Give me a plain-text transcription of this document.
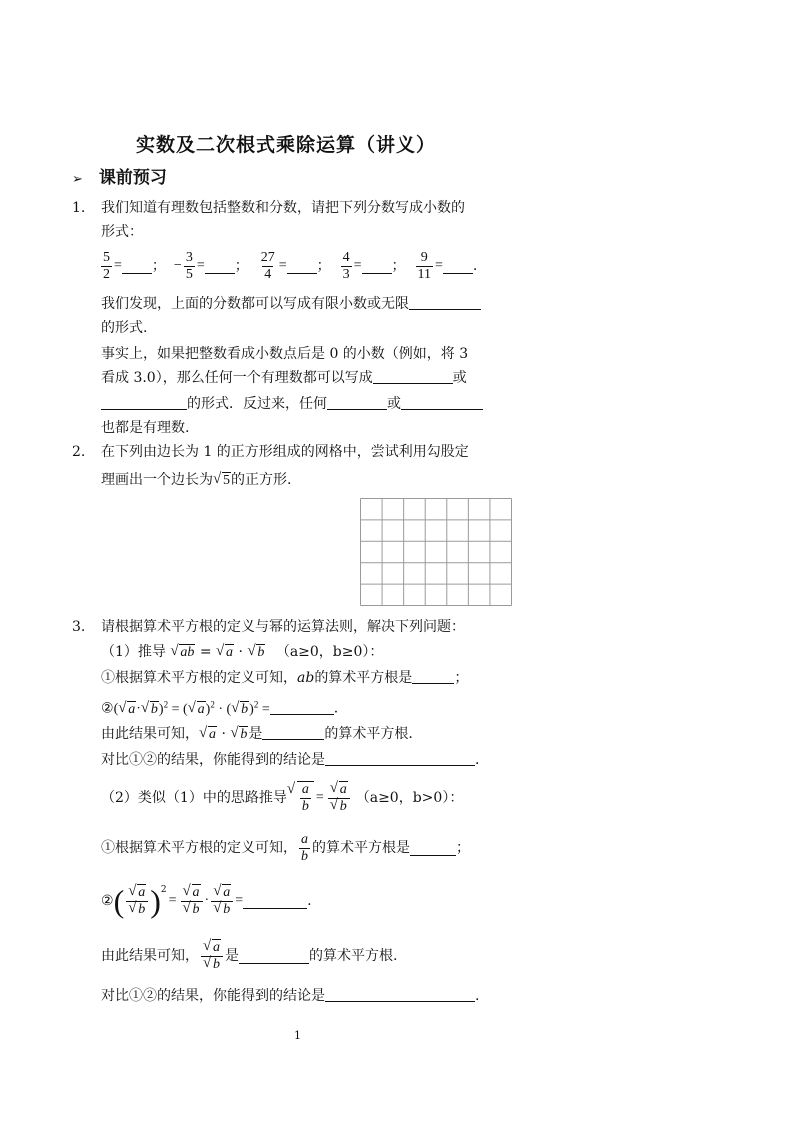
实数及二次根式乘除运算（讲义）
➢ 课前预习
1. 我们知道有理数包括整数和分数，请把下列分数写成小数的
形式：
$\frac{5}{2}$ = ； − $\frac{3}{5}$ = ； $\frac{27}{4}$ = ； $\frac{4}{3}$ = ； $\frac{9}{11}$ = .
我们发现，上面的分数都可以写成有限小数或无限
的形式.
事实上，如果把整数看成小数点后是 0 的小数（例如，将 3
看成 3.0），那么任何一个有理数都可以写成	或
的形式．反过来，任何	或
也都是有理数.
2. 在下列由边长为 1 的正方形组成的网格中，尝试利用勾股定
理画出一个边长为 √ 5的正方形.
3. 请根据算术平方根的定义与幂的运算法则，解决下列问题：
（1）推导 √ ab = √ a · √ b （a≥0，b≥0）：
①根据算术平方根的定义可知，ab的算术平方根是	；
②( √ a· √ b)$^2$ = ( √ a)$^2$ · ( √ b)$^2$ =	.
由此结果可知， √ a · √ b是	的算术平方根.
对比①②的结果，你能得到的结论是	.
（2）类似（1）中的思路推导 √ $\frac{a}{b}$ = √ a
√ b （a≥0，b>0）：
①根据算术平方根的定义可知， $\frac{a}{b}$ 的算术平方根是	；
② ( √ a
√ b )$^2$
= √ a
√ b · √ a
√ b =	.
由此结果可知， √ a
√ b 是	的算术平方根.
对比①②的结果，你能得到的结论是	.
1
